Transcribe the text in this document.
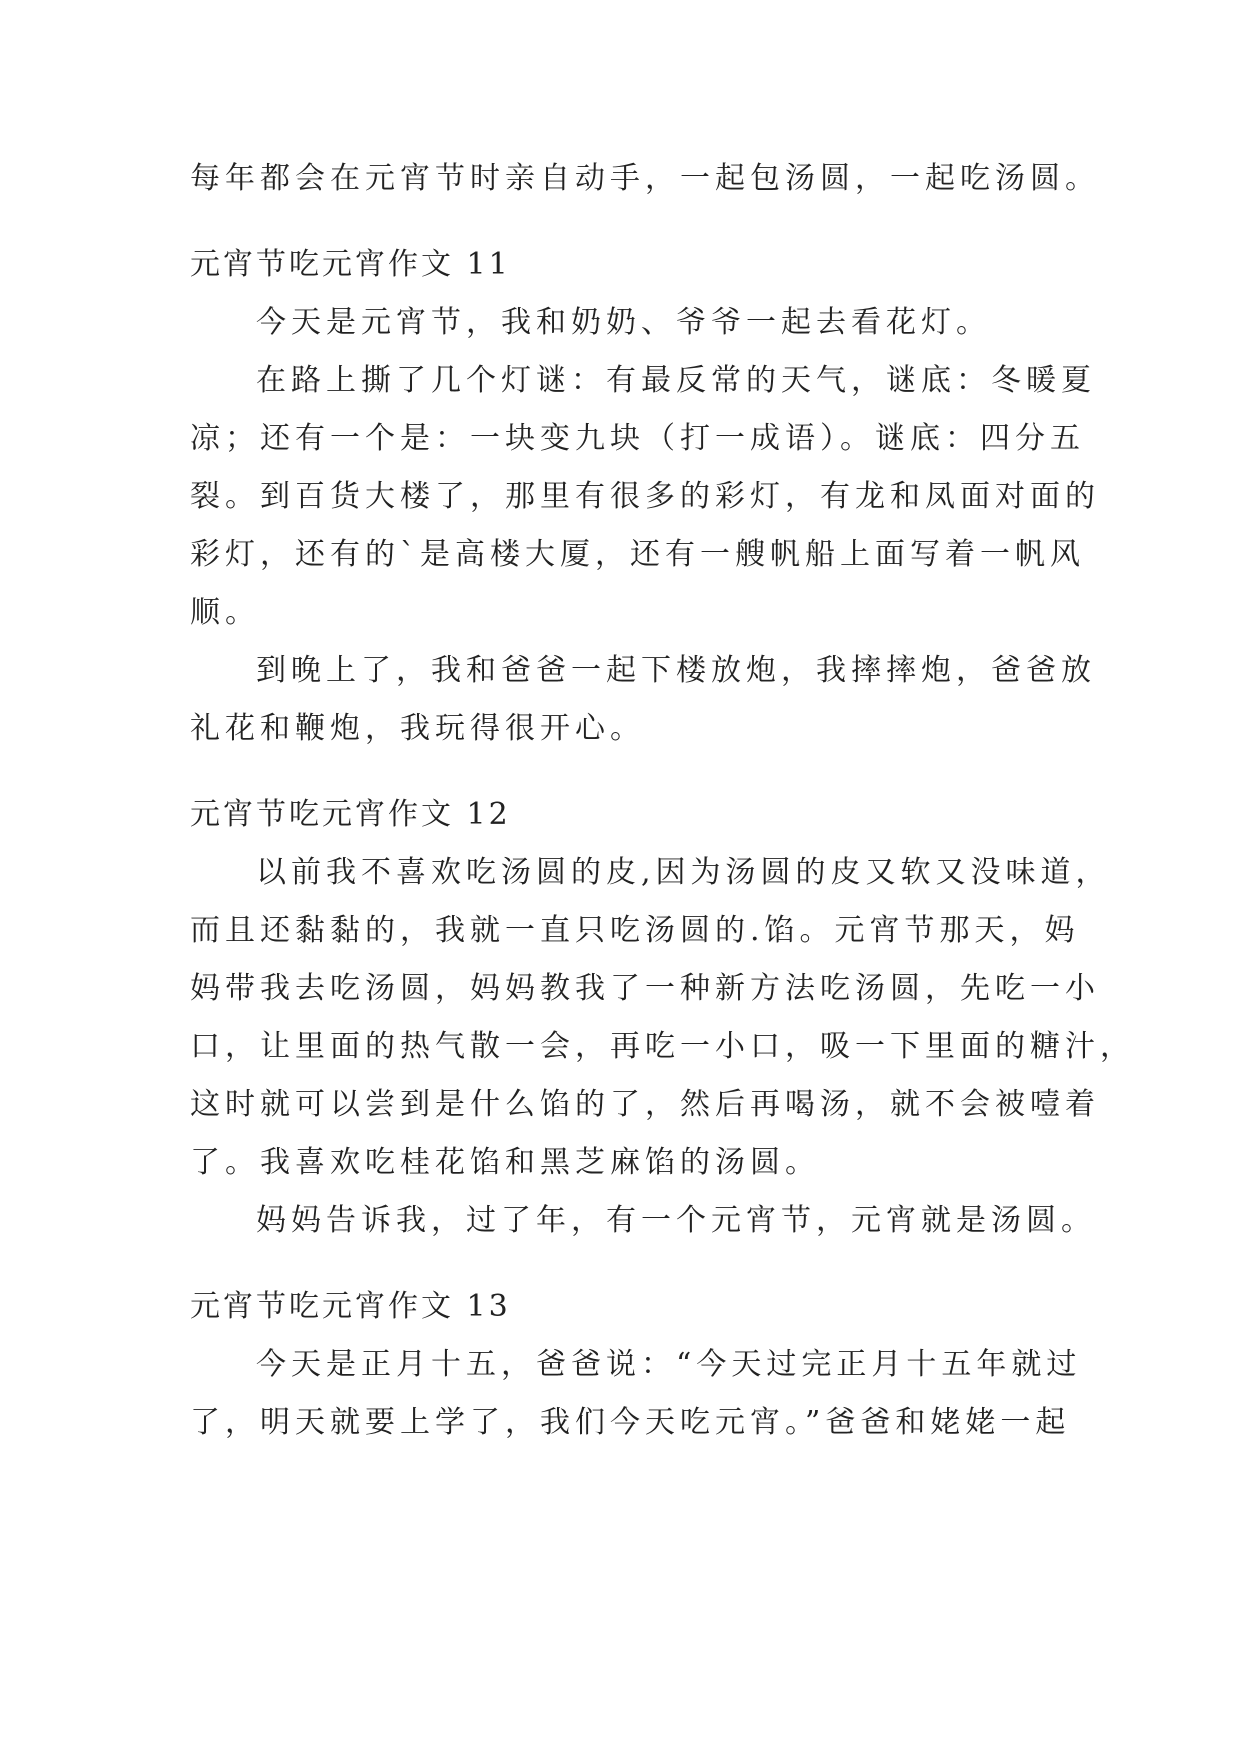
每年都会在元宵节时亲自动手，一起包汤圆，一起吃汤圆。
元宵节吃元宵作文 11
今天是元宵节，我和奶奶、爷爷一起去看花灯。
在路上撕了几个灯谜：有最反常的天气，谜底：冬暖夏
凉；还有一个是：一块变九块（打一成语）。谜底：四分五
裂。到百货大楼了，那里有很多的彩灯，有龙和凤面对面的
彩灯，还有的`是高楼大厦，还有一艘帆船上面写着一帆风
顺。
到晚上了，我和爸爸一起下楼放炮，我摔摔炮，爸爸放
礼花和鞭炮，我玩得很开心。
元宵节吃元宵作文 12
以前我不喜欢吃汤圆的皮,因为汤圆的皮又软又没味道，
而且还黏黏的，我就一直只吃汤圆的.馅。元宵节那天，妈
妈带我去吃汤圆，妈妈教我了一种新方法吃汤圆，先吃一小
口，让里面的热气散一会，再吃一小口，吸一下里面的糖汁，
这时就可以尝到是什么馅的了，然后再喝汤，就不会被噎着
了。我喜欢吃桂花馅和黑芝麻馅的汤圆。
妈妈告诉我，过了年，有一个元宵节，元宵就是汤圆。
元宵节吃元宵作文 13
今天是正月十五，爸爸说：“今天过完正月十五年就过
了，明天就要上学了，我们今天吃元宵。”爸爸和姥姥一起
